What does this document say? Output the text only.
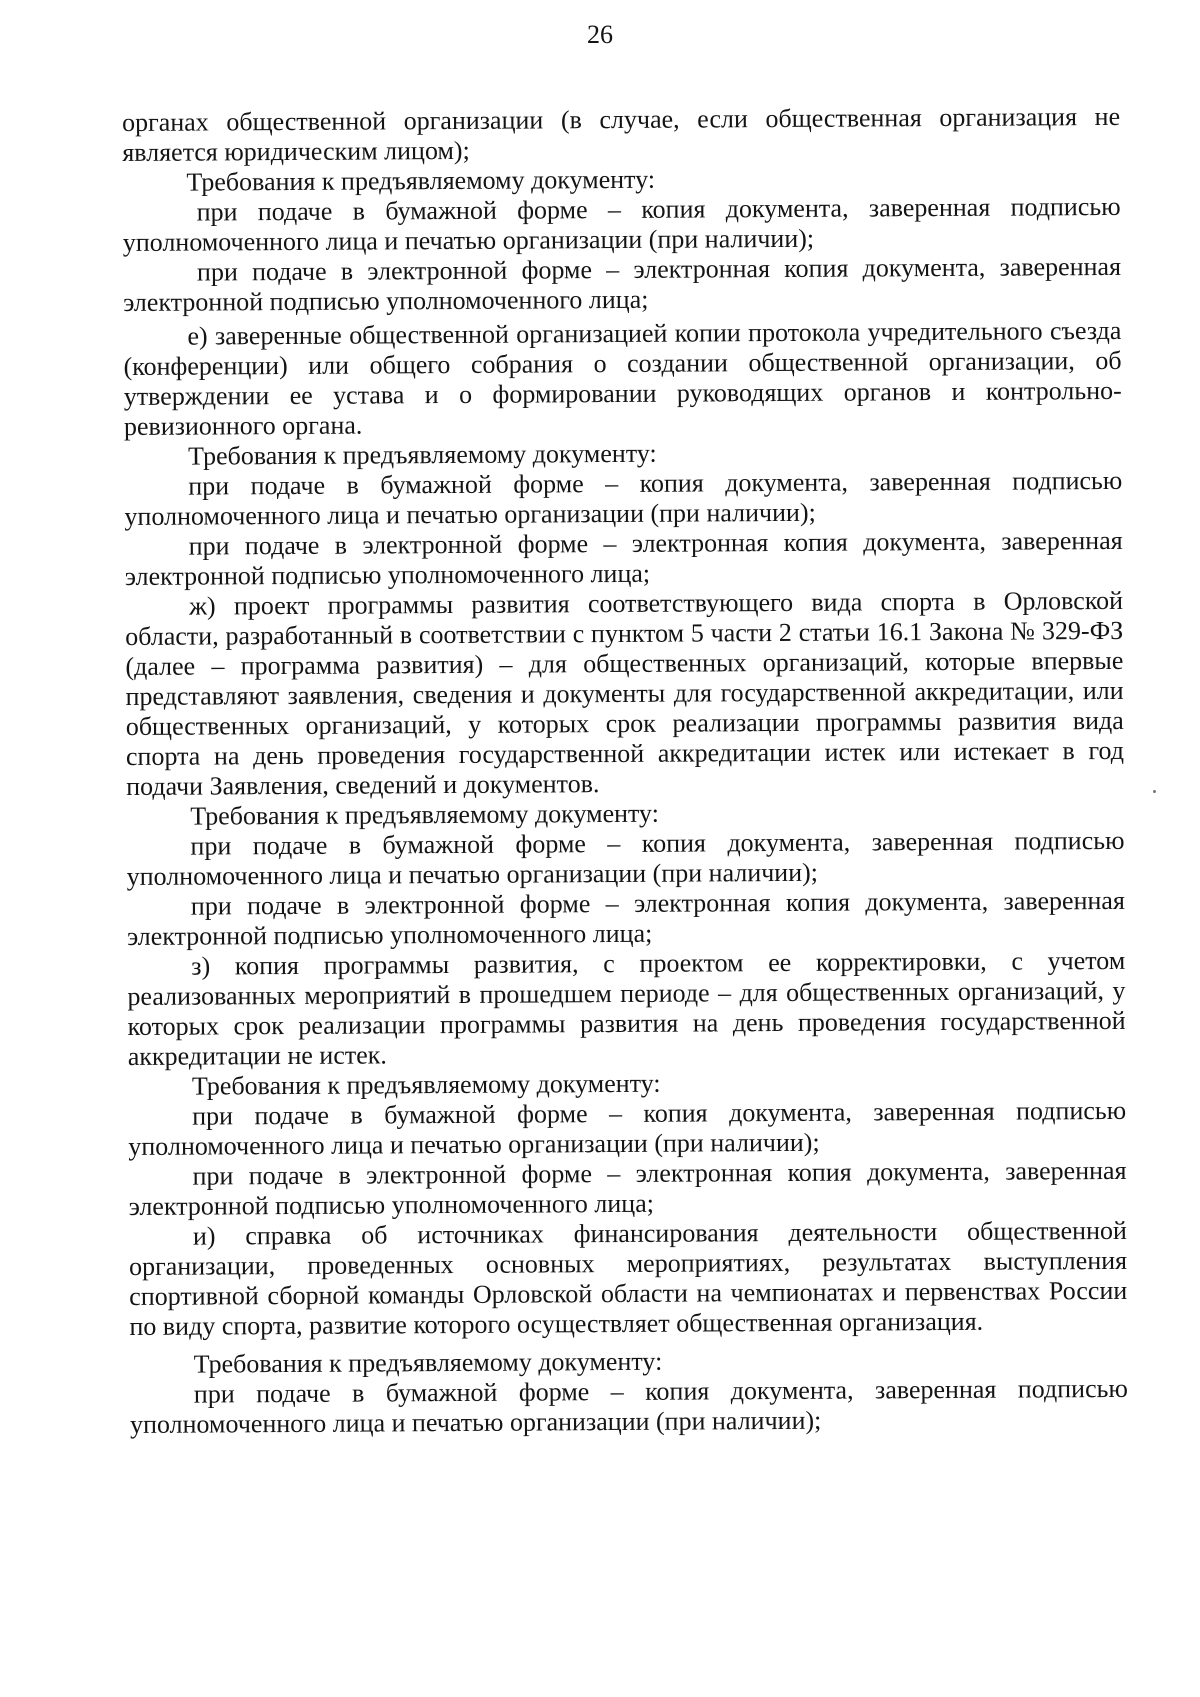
26

органах общественной организации (в случае, если общественная организация не является юридическим лицом);

Требования к предъявляемому документу:

при подаче в бумажной форме – копия документа, заверенная подписью уполномоченного лица и печатью организации (при наличии);

при подаче в электронной форме – электронная копия документа, заверенная электронной подписью уполномоченного лица;

е) заверенные общественной организацией копии протокола учредительного съезда (конференции) или общего собрания о создании общественной организации, об утверждении ее устава и о формировании руководящих органов и контрольно-ревизионного органа.

Требования к предъявляемому документу:

при подаче в бумажной форме – копия документа, заверенная подписью уполномоченного лица и печатью организации (при наличии);

при подаче в электронной форме – электронная копия документа, заверенная электронной подписью уполномоченного лица;

ж) проект программы развития соответствующего вида спорта в Орловской области, разработанный в соответствии с пунктом 5 части 2 статьи 16.1 Закона № 329-ФЗ (далее – программа развития) – для общественных организаций, которые впервые представляют заявления, сведения и документы для государственной аккредитации, или общественных организаций, у которых срок реализации программы развития вида спорта на день проведения государственной аккредитации истек или истекает в год подачи Заявления, сведений и документов.

Требования к предъявляемому документу:

при подаче в бумажной форме – копия документа, заверенная подписью уполномоченного лица и печатью организации (при наличии);

при подаче в электронной форме – электронная копия документа, заверенная электронной подписью уполномоченного лица;

з) копия программы развития, с проектом ее корректировки, с учетом реализованных мероприятий в прошедшем периоде – для общественных организаций, у которых срок реализации программы развития на день проведения государственной аккредитации не истек.

Требования к предъявляемому документу:

при подаче в бумажной форме – копия документа, заверенная подписью уполномоченного лица и печатью организации (при наличии);

при подаче в электронной форме – электронная копия документа, заверенная электронной подписью уполномоченного лица;

и) справка об источниках финансирования деятельности общественной организации, проведенных основных мероприятиях, результатах выступления спортивной сборной команды Орловской области на чемпионатах и первенствах России по виду спорта, развитие которого осуществляет общественная организация.

Требования к предъявляемому документу:

при подаче в бумажной форме – копия документа, заверенная подписью уполномоченного лица и печатью организации (при наличии);
